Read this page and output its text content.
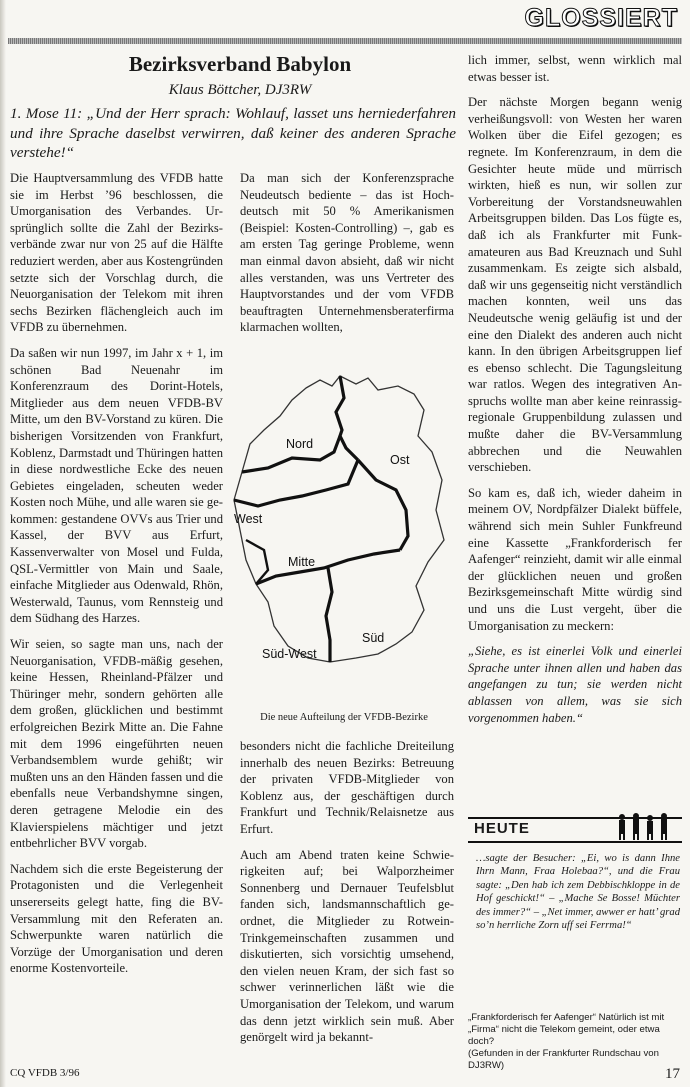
GLOSSIERT
Bezirksverband Babylon
Klaus Böttcher, DJ3RW

1. Mose 11: „Und der Herr sprach: Wohlauf, lasset uns herniederfahren und ihre Sprache daselbst verwirren, daß keiner des anderen Sprache verstehe!“

Die Hauptversammlung des VFDB hatte sie im Herbst ’96 beschlossen, die Umorganisation des Verbandes. Ursprünglich sollte die Zahl der Bezirksverbände zwar nur von 25 auf die Hälfte reduziert werden, aber aus Kostengründen setzte sich der Vorschlag durch, die Neuorganisation der Telekom mit ihren sechs Bezirken flächengleich auch im VFDB zu übernehmen.

Da saßen wir nun 1997, im Jahr x + 1, im schönen Bad Neuenahr im Konferenzraum des Dorint-Hotels, Mitglieder aus dem neuen VFDB-BV Mitte, um den BV-Vorstand zu küren. Die bisherigen Vorsitzenden von Frankfurt, Koblenz, Darmstadt und Thüringen hatten in diese nordwestliche Ecke des neuen Gebietes eingeladen, scheuten weder Kosten noch Mühe, und alle waren sie gekommen: gestandene OVVs aus Trier und Kassel, der BVV aus Erfurt, Kassenverwalter von Mosel und Fulda, QSL-Vermittler von Main und Saale, einfache Mitglieder aus Odenwald, Rhön, Westerwald, Taunus, vom Rennsteig und dem Südhang des Harzes.

Wir seien, so sagte man uns, nach der Neuorganisation, VFDB-mäßig gesehen, keine Hessen, Rheinland-Pfälzer und Thüringer mehr, sondern gehörten alle dem großen, glücklichen und bestimmt erfolgreichen Bezirk Mitte an. Die Fahne mit dem 1996 eingeführten neuen Verbandsemblem wurde gehißt; wir mußten uns an den Händen fassen und die ebenfalls neue Verbandshymne singen, deren getragene Melodie ein des Klavierspielens mächtiger und jetzt entbehrlicher BVV vorgab.

Nachdem sich die erste Begeisterung der Protagonisten und die Verlegenheit unsererseits gelegt hatte, fing die BV-Versammlung mit den Referaten an. Schwerpunkte waren natürlich die Vorzüge der Umorganisation und deren enorme Kostenvorteile.

Da man sich der Konferenzsprache Neudeutsch bediente – das ist Hochdeutsch mit 50 % Amerikanismen (Beispiel: Kosten-Controlling) –, gab es am ersten Tag geringe Probleme, wenn man einmal davon absieht, daß wir nicht alles verstanden, was uns Vertreter des Hauptvorstandes und der vom VFDB beauftragten Unternehmensberaterfirma klarmachen wollten,

Nord
Ost
West
Mitte
Süd
Süd-West
Die neue Aufteilung der VFDB-Bezirke

besonders nicht die fachliche Dreiteilung innerhalb des neuen Bezirks: Betreuung der privaten VFDB-Mitglieder von Koblenz aus, der geschäftigen durch Frankfurt und Technik/Relaisnetze aus Erfurt.

Auch am Abend traten keine Schwierigkeiten auf; bei Walporzheimer Sonnenberg und Dernauer Teufelsblut fanden sich, landsmannschaftlich geordnet, die Mitglieder zu Rotwein-Trinkgemeinschaften zusammen und diskutierten, sich vorsichtig umsehend, den vielen neuen Kram, der sich fast so schwer verinnerlichen läßt wie die Umorganisation der Telekom, und warum das denn jetzt wirklich sein muß. Aber genörgelt wird ja bekannt-

lich immer, selbst, wenn wirklich mal etwas besser ist.

Der nächste Morgen begann wenig verheißungsvoll: von Westen her waren Wolken über die Eifel gezogen; es regnete. Im Konferenzraum, in dem die Gesichter heute müde und mürrisch wirkten, hieß es nun, wir sollen zur Vorbereitung der Vorstandsneuwahlen Arbeitsgruppen bilden. Das Los fügte es, daß ich als Frankfurter mit Funkamateuren aus Bad Kreuznach und Suhl zusammenkam. Es zeigte sich alsbald, daß wir uns gegenseitig nicht verständlich machen konnten, weil uns das Neudeutsche wenig geläufig ist und der eine den Dialekt des anderen auch nicht kann. In den übrigen Arbeitsgruppen lief es ebenso schlecht. Die Tagungsleitung war ratlos. Wegen des integrativen Anspruchs wollte man aber keine reinrassig-regionale Gruppenbildung zulassen und mußte daher die BV-Versammlung abbrechen und die Neuwahlen verschieben.

So kam es, daß ich, wieder daheim in meinem OV, Nordpfälzer Dialekt büffele, während sich mein Suhler Funkfreund eine Kassette „Frankforderisch fer Aafenger“ reinzieht, damit wir alle einmal der glücklichen neuen und großen Bezirksgemeinschaft Mitte würdig sind und uns die Lust vergeht, über die Umorganisation zu meckern:

„Siehe, es ist einerlei Volk und einerlei Sprache unter ihnen allen und haben das angefangen zu tun; sie werden nicht ablassen von allem, was sie sich vorgenommen haben.“

HEUTE

…sagte der Besucher: „Ei, wo is dann Ihne Ihrn Mann, Fraa Holebaa?“, und die Frau sagte: „Den hab ich zem Debbischkloppe in de Hof geschickt!“ – „Mache Se Bosse! Müchter des immer?“ – „Net immer, awwer er hatt’ grad so’n herrliche Zorn uff sei Ferrma!“

„Frankforderisch fer Aafenger“ Natürlich ist mit „Firma“ nicht die Telekom gemeint, oder etwa doch?
(Gefunden in der Frankfurter Rundschau von DJ3RW)
CQ VFDB 3/96	17
